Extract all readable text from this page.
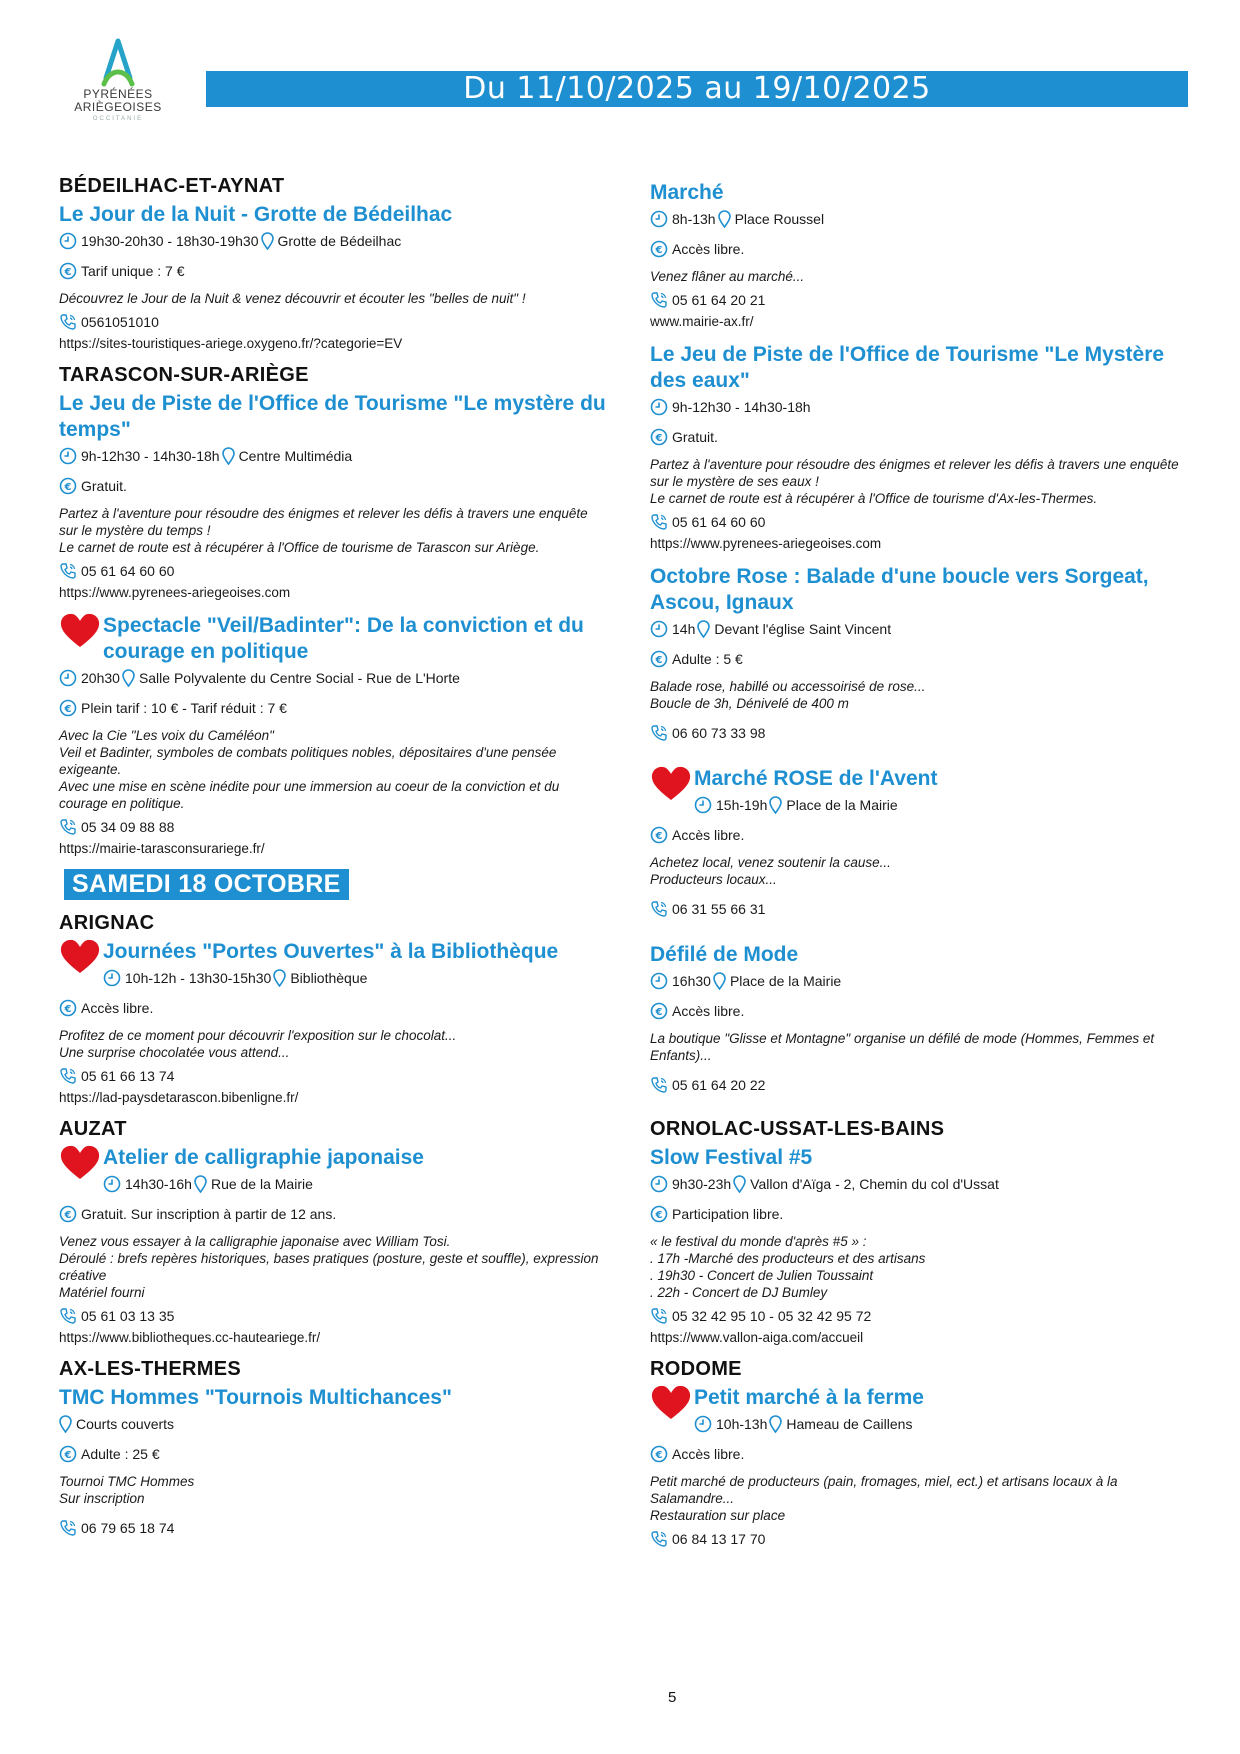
PYRÉNÉES
ARIÈGEOISES
OCCITANIE
Du 11/10/2025 au 19/10/2025
BÉDEILHAC-ET-AYNAT
Le Jour de la Nuit - Grotte de Bédeilhac
19h30-20h30 - 18h30-19h30 Grotte de Bédeilhac
€ Tarif unique : 7 €
Découvrez le Jour de la Nuit & venez découvrir et écouter les "belles de nuit" !
0561051010
https://sites-touristiques-ariege.oxygeno.fr/?categorie=EV
TARASCON-SUR-ARIÈGE
Le Jeu de Piste de l'Office de Tourisme "Le mystère du temps"
9h-12h30 - 14h30-18h Centre Multimédia
€ Gratuit.
Partez à l'aventure pour résoudre des énigmes et relever les défis à travers une enquête sur le mystère du temps !
Le carnet de route est à récupérer à l'Office de tourisme de Tarascon sur Ariège.
05 61 64 60 60
https://www.pyrenees-ariegeoises.com
Spectacle "Veil/Badinter": De la conviction et du courage en politique
20h30 Salle Polyvalente du Centre Social - Rue de L'Horte
€ Plein tarif : 10 € - Tarif réduit : 7 €
Avec la Cie "Les voix du Caméléon"
Veil et Badinter, symboles de combats politiques nobles, dépositaires d'une pensée exigeante.
Avec une mise en scène inédite pour une immersion au coeur de la conviction et du courage en politique.
05 34 09 88 88
https://mairie-tarasconsurariege.fr/
SAMEDI 18 OCTOBRE
ARIGNAC
Journées "Portes Ouvertes" à la Bibliothèque
10h-12h - 13h30-15h30 Bibliothèque
€ Accès libre.
Profitez de ce moment pour découvrir l'exposition sur le chocolat...
Une surprise chocolatée vous attend...
05 61 66 13 74
https://lad-paysdetarascon.bibenligne.fr/
AUZAT
Atelier de calligraphie japonaise
14h30-16h Rue de la Mairie
€ Gratuit. Sur inscription à partir de 12 ans.
Venez vous essayer à la calligraphie japonaise avec William Tosi.
Déroulé : brefs repères historiques, bases pratiques (posture, geste et souffle), expression créative
Matériel fourni
05 61 03 13 35
https://www.bibliotheques.cc-hauteariege.fr/
AX-LES-THERMES
TMC Hommes "Tournois Multichances"
Courts couverts
€ Adulte : 25 €
Tournoi TMC Hommes
Sur inscription
06 79 65 18 74
Marché
8h-13h Place Roussel
€ Accès libre.
Venez flâner au marché...
05 61 64 20 21
www.mairie-ax.fr/
Le Jeu de Piste de l'Office de Tourisme "Le Mystère des eaux"
9h-12h30 - 14h30-18h
€ Gratuit.
Partez à l'aventure pour résoudre des énigmes et relever les défis à travers une enquête sur le mystère de ses eaux !
Le carnet de route est à récupérer à l'Office de tourisme d'Ax-les-Thermes.
05 61 64 60 60
https://www.pyrenees-ariegeoises.com
Octobre Rose : Balade d'une boucle vers Sorgeat, Ascou, Ignaux
14h Devant l'église Saint Vincent
€ Adulte : 5 €
Balade rose, habillé ou accessoirisé de rose...
Boucle de 3h, Dénivelé de 400 m
06 60 73 33 98
Marché ROSE de l'Avent
15h-19h Place de la Mairie
€ Accès libre.
Achetez local, venez soutenir la cause...
Producteurs locaux...
06 31 55 66 31
Défilé de Mode
16h30 Place de la Mairie
€ Accès libre.
La boutique "Glisse et Montagne" organise un défilé de mode (Hommes, Femmes et Enfants)...
05 61 64 20 22
ORNOLAC-USSAT-LES-BAINS
Slow Festival #5
9h30-23h Vallon d'Aïga - 2, Chemin du col d'Ussat
€ Participation libre.
« le festival du monde d'après #5 » :
. 17h -Marché des producteurs et des artisans
. 19h30 - Concert de Julien Toussaint
. 22h - Concert de DJ Bumley
05 32 42 95 10 - 05 32 42 95 72
https://www.vallon-aiga.com/accueil
RODOME
Petit marché à la ferme
10h-13h Hameau de Caillens
€ Accès libre.
Petit marché de producteurs (pain, fromages, miel, ect.) et artisans locaux à la Salamandre...
Restauration sur place
06 84 13 17 70
5
